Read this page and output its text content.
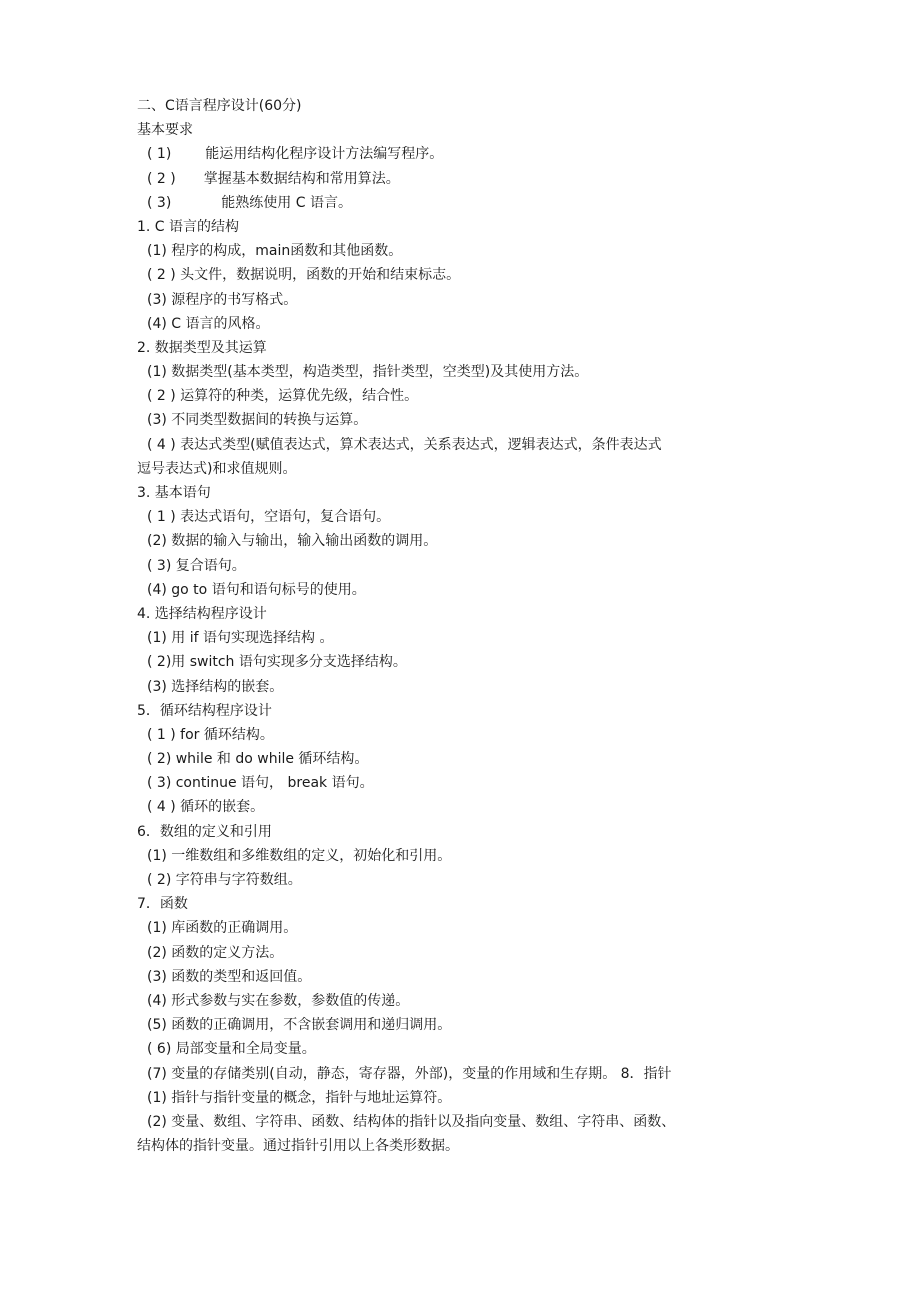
二、C语言程序设计(60分)
基本要求
( 1) 能运用结构化程序设计方法编写程序。
( 2 ) 掌握基本数据结构和常用算法。
( 3)	能熟练使用 C 语言。
1. C 语言的结构
(1) 程序的构成，main函数和其他函数。
( 2 ) 头文件，数据说明，函数的开始和结束标志。
(3) 源程序的书写格式。
(4) C 语言的风格。
2. 数据类型及其运算
(1) 数据类型(基本类型，构造类型，指针类型，空类型)及其使用方法。
( 2 ) 运算符的种类，运算优先级，结合性。
(3) 不同类型数据间的转换与运算。
( 4 ) 表达式类型(赋值表达式，算术表达式，关系表达式，逻辑表达式，条件表达式
逗号表达式)和求值规则。
3. 基本语句
( 1 ) 表达式语句，空语句，复合语句。
(2) 数据的输入与输出，输入输出函数的调用。
( 3) 复合语句。
(4) go to 语句和语句标号的使用。
4. 选择结构程序设计
(1) 用 if 语句实现选择结构 。
( 2)用 switch 语句实现多分支选择结构。
(3) 选择结构的嵌套。
5．循环结构程序设计
( 1 ) for 循环结构。
( 2) while 和 do while 循环结构。
( 3) continue 语句， break 语句。
( 4 ) 循环的嵌套。
6．数组的定义和引用
(1) 一维数组和多维数组的定义，初始化和引用。
( 2) 字符串与字符数组。
7．函数
(1) 库函数的正确调用。
(2) 函数的定义方法。
(3) 函数的类型和返回值。
(4) 形式参数与实在参数，参数值的传递。
(5) 函数的正确调用，不含嵌套调用和递归调用。
( 6) 局部变量和全局变量。
(7) 变量的存储类别(自动，静态，寄存器，外部)，变量的作用域和生存期。 8．指针
(1) 指针与指针变量的概念，指针与地址运算符。
(2) 变量、数组、字符串、函数、结构体的指针以及指向变量、数组、字符串、函数、
结构体的指针变量。通过指针引用以上各类形数据。
